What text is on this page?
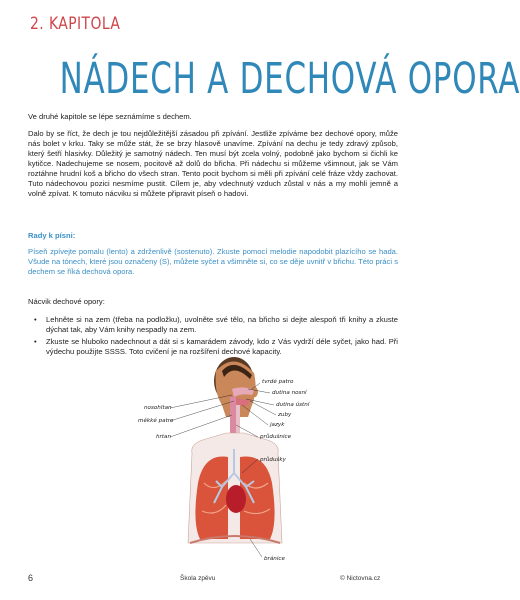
2. KAPITOLA
NÁDECH A DECHOVÁ OPORA

Ve druhé kapitole se lépe seznámíme s dechem.

Dalo by se říct, že dech je tou nejdůležitější zásadou při zpívání. Jestliže zpíváme bez dechové opory, může nás bolet v krku. Taky se může stát, že se brzy hlasově unavíme. Zpívání na dechu je tedy zdravý způsob, který šetří hlasivky. Důležitý je samotný nádech. Ten musí být zcela volný, podobně jako bychom si čichli ke kytičce. Nadechujeme se nosem, pocitově až dolů do břicha. Při nádechu si můžeme všimnout, jak se Vám roztáhne hrudní koš a břicho do všech stran. Tento pocit bychom si měli při zpívání celé fráze vždy zachovat. Tuto nádechovou pozici nesmíme pustit. Cílem je, aby vdechnutý vzduch zůstal v nás a my mohli jemně a volně zpívat. K tomuto nácviku si můžete připravit píseň o hadovi.

Rady k písni:

Píseň zpívejte pomalu (lento) a zdrženlivě (sostenuto). Zkuste pomocí melodie napodobit plazícího se hada. Všude na tónech, které jsou označeny (S), můžete syčet a všimněte si, co se děje uvnitř v břichu. Této práci s dechem se říká dechová opora.

Nácvik dechové opory:

• Lehněte si na zem (třeba na podložku), uvolněte své tělo, na břicho si dejte alespoň tři knihy a zkuste dýchat tak, aby Vám knihy nespadly na zem.
• Zkuste se hluboko nadechnout a dát si s kamarádem závody, kdo z Vás vydrží déle syčet, jako had. Při výdechu použijte SSSS. Toto cvičení je na rozšíření dechové kapacity.
nosohltan
měkké patro
hrtan
tvrdé patro
dutina nosní
dutina ústní
zuby
jazyk
průdušnice
průdušky
bránice
6	Škola zpěvu	© Nictovna.cz
